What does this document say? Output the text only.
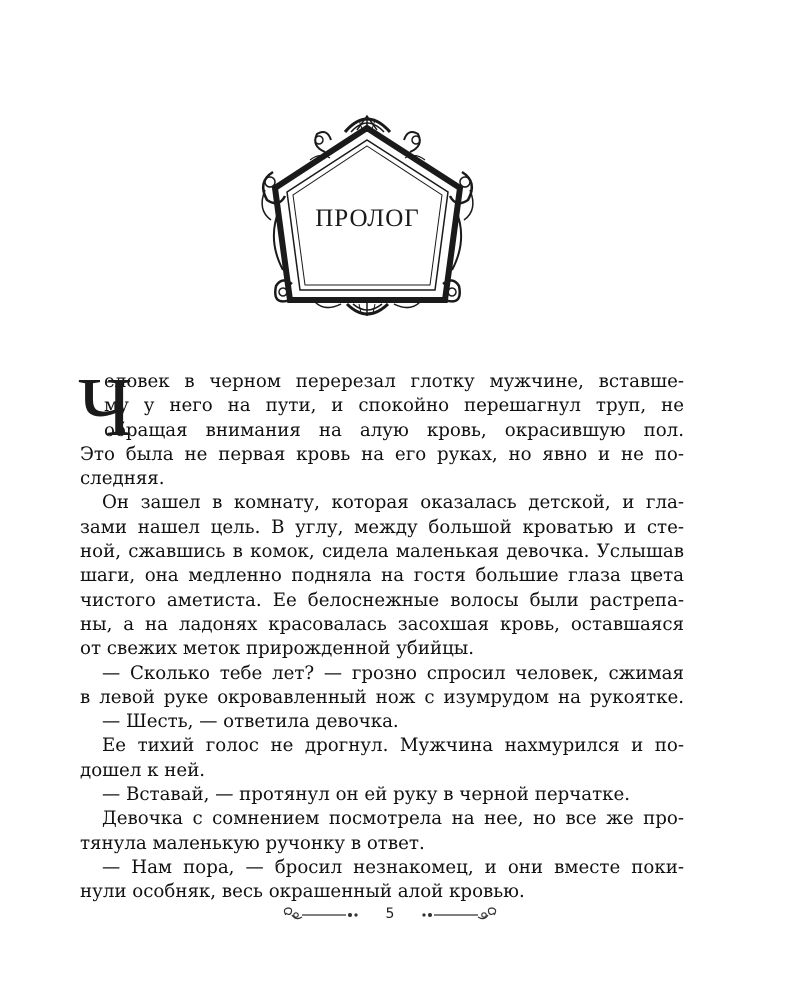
ПРОЛОГ
Ч
еловек в черном перерезал глотку мужчине, вставше-
му у него на пути, и спокойно перешагнул труп, не
обращая внимания на алую кровь, окрасившую пол.
Это была не первая кровь на его руках, но явно и не по-
следняя.
Он зашел в комнату, которая оказалась детской, и гла-
зами нашел цель. В углу, между большой кроватью и сте-
ной, сжавшись в комок, сидела маленькая девочка. Услышав
шаги, она медленно подняла на гостя большие глаза цвета
чистого аметиста. Ее белоснежные волосы были растрепа-
ны, а на ладонях красовалась засохшая кровь, оставшаяся
от свежих меток прирожденной убийцы.
— Сколько тебе лет? — грозно спросил человек, сжимая
в левой руке окровавленный нож с изумрудом на рукоятке.
— Шесть, — ответила девочка.
Ее тихий голос не дрогнул. Мужчина нахмурился и по-
дошел к ней.
— Вставай, — протянул он ей руку в черной перчатке.
Девочка с сомнением посмотрела на нее, но все же про-
тянула маленькую ручонку в ответ.
— Нам пора, — бросил незнакомец, и они вместе поки-
нули особняк, весь окрашенный алой кровью.
5
